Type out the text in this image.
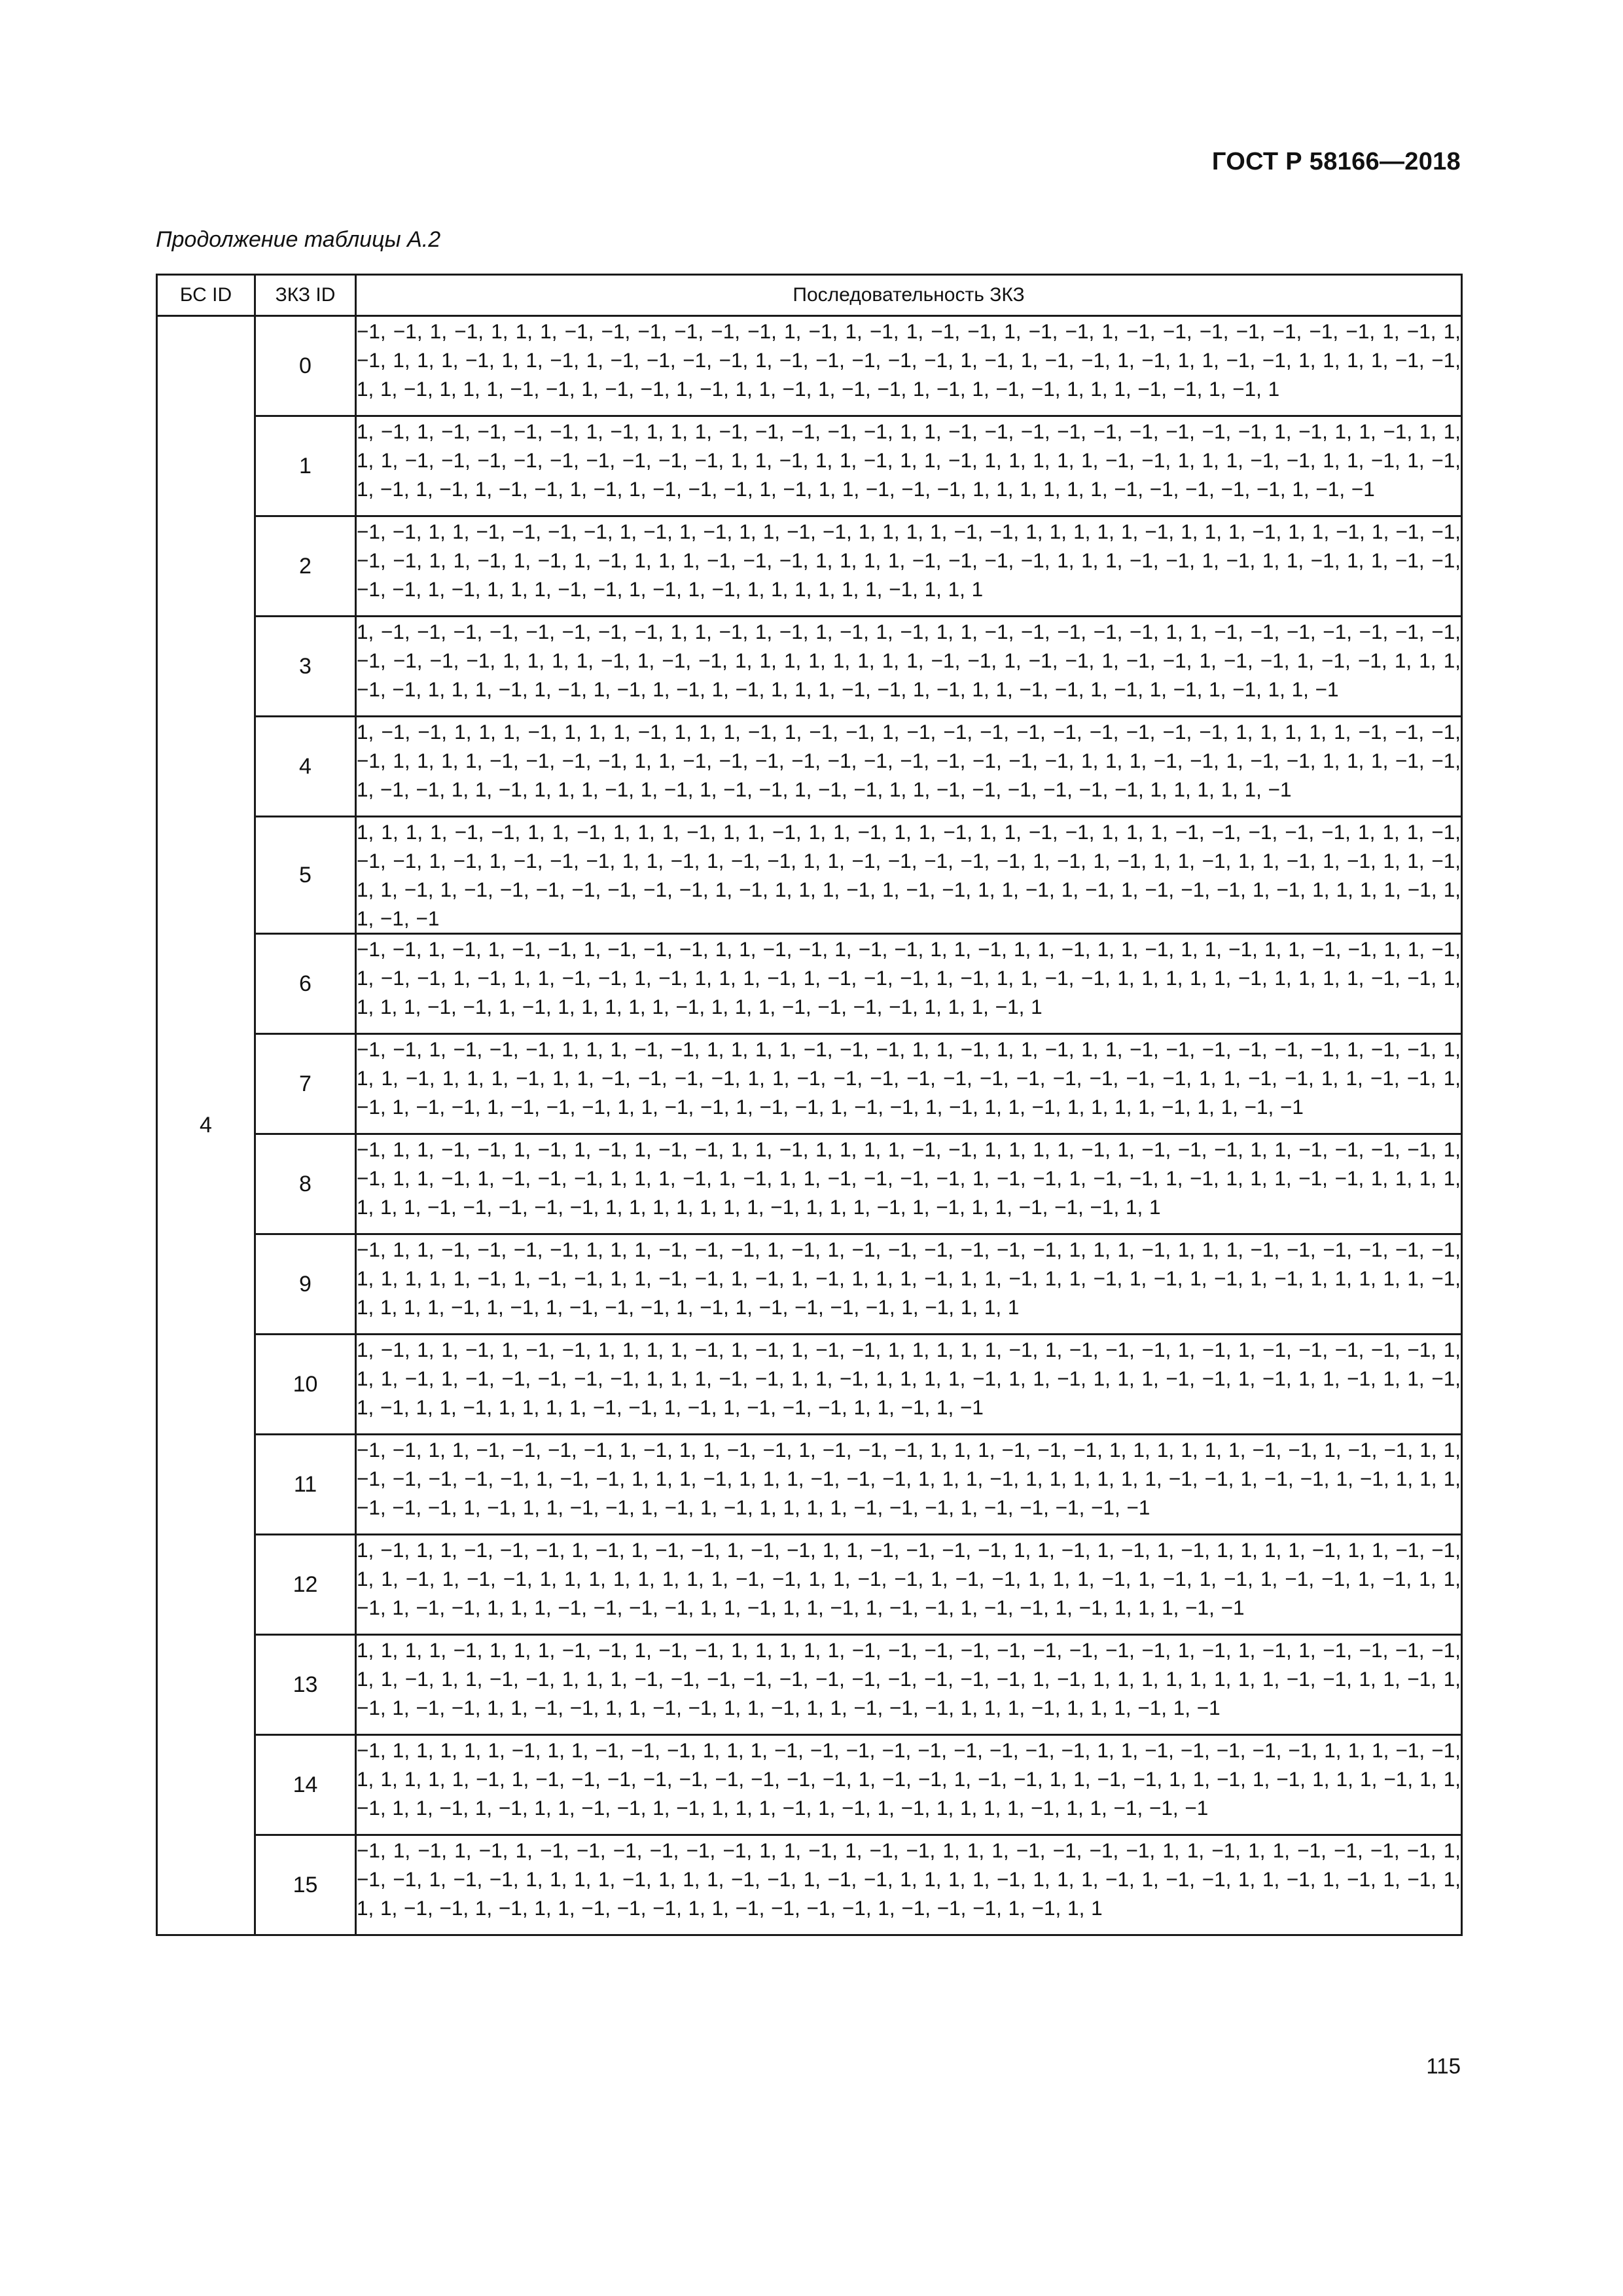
ГОСТ Р 58166—2018
Продолжение таблицы А.2
БС ID	ЗКЗ ID	Последовательность ЗКЗ
4	0	−1, −1, 1, −1, 1, 1, 1, −1, −1, −1, −1, −1, −1, 1, −1, 1, −1, 1, −1, −1, 1, −1, −1, 1, −1, −1, −1, −1, −1, −1, −1, 1, −1, 1, −1, 1, 1, 1, −1, 1, 1, −1, 1, −1, −1, −1, −1, 1, −1, −1, −1, −1, −1, 1, −1, 1, −1, −1, 1, −1, 1, 1, −1, −1, 1, 1, 1, 1, −1, −1, 1, 1, −1, 1, 1, 1, −1, −1, 1, −1, −1, 1, −1, 1, 1, −1, 1, −1, −1, 1, −1, 1, −1, −1, 1, 1, 1, −1, −1, 1, −1, 1
	1	1, −1, 1, −1, −1, −1, −1, 1, −1, 1, 1, 1, −1, −1, −1, −1, −1, 1, 1, −1, −1, −1, −1, −1, −1, −1, −1, −1, 1, −1, 1, 1, −1, 1, 1, 1, 1, −1, −1, −1, −1, −1, −1, −1, −1, −1, 1, 1, −1, 1, 1, −1, 1, 1, −1, 1, 1, 1, 1, 1, −1, −1, 1, 1, 1, −1, −1, 1, 1, −1, 1, −1, 1, −1, 1, −1, 1, −1, −1, 1, −1, 1, −1, −1, −1, 1, −1, 1, 1, −1, −1, −1, 1, 1, 1, 1, 1, 1, −1, −1, −1, −1, −1, 1, −1, −1
	2	−1, −1, 1, 1, −1, −1, −1, −1, 1, −1, 1, −1, 1, 1, −1, −1, 1, 1, 1, 1, −1, −1, 1, 1, 1, 1, 1, −1, 1, 1, 1, −1, 1, 1, −1, 1, −1, −1, −1, −1, 1, 1, −1, 1, −1, 1, −1, 1, 1, 1, −1, −1, −1, 1, 1, 1, 1, −1, −1, −1, −1, 1, 1, 1, −1, −1, 1, −1, 1, 1, −1, 1, 1, −1, −1, −1, −1, 1, −1, 1, 1, 1, −1, −1, 1, −1, 1, −1, 1, 1, 1, 1, 1, 1, −1, 1, 1, 1
	3	1, −1, −1, −1, −1, −1, −1, −1, −1, 1, 1, −1, 1, −1, 1, −1, 1, −1, 1, 1, −1, −1, −1, −1, −1, 1, 1, −1, −1, −1, −1, −1, −1, −1, −1, −1, −1, −1, 1, 1, 1, 1, −1, 1, −1, −1, 1, 1, 1, 1, 1, 1, 1, 1, −1, −1, 1, −1, −1, 1, −1, −1, 1, −1, −1, 1, −1, −1, 1, 1, 1, −1, −1, 1, 1, 1, −1, 1, −1, 1, −1, 1, −1, 1, −1, 1, 1, 1, −1, −1, 1, −1, 1, 1, −1, −1, 1, −1, 1, −1, 1, −1, 1, 1, −1
	4	1, −1, −1, 1, 1, 1, −1, 1, 1, 1, −1, 1, 1, 1, −1, 1, −1, −1, 1, −1, −1, −1, −1, −1, −1, −1, −1, −1, 1, 1, 1, 1, 1, −1, −1, −1, −1, 1, 1, 1, 1, −1, −1, −1, −1, 1, 1, −1, −1, −1, −1, −1, −1, −1, −1, −1, −1, −1, 1, 1, 1, −1, −1, 1, −1, −1, 1, 1, 1, −1, −1, 1, −1, −1, 1, 1, −1, 1, 1, 1, −1, 1, −1, 1, −1, −1, 1, −1, −1, 1, 1, −1, −1, −1, −1, −1, −1, 1, 1, 1, 1, 1, −1
	5	1, 1, 1, 1, −1, −1, 1, 1, −1, 1, 1, 1, −1, 1, 1, −1, 1, 1, −1, 1, 1, −1, 1, 1, −1, −1, 1, 1, 1, −1, −1, −1, −1, −1, 1, 1, 1, −1, −1, −1, 1, −1, 1, −1, −1, −1, 1, 1, −1, 1, −1, −1, 1, 1, −1, −1, −1, −1, −1, 1, −1, 1, −1, 1, 1, −1, 1, 1, −1, 1, −1, 1, 1, −1, 1, 1, −1, 1, −1, −1, −1, −1, −1, −1, −1, 1, −1, 1, 1, 1, −1, 1, −1, −1, 1, 1, −1, 1, −1, 1, −1, −1, −1, 1, −1, 1, 1, 1, 1, −1, 1, 1, −1, −1
	6	−1, −1, 1, −1, 1, −1, −1, 1, −1, −1, −1, 1, 1, −1, −1, 1, −1, −1, 1, 1, −1, 1, 1, −1, 1, 1, −1, 1, 1, −1, 1, 1, −1, −1, 1, 1, −1, 1, −1, −1, 1, −1, 1, 1, −1, −1, 1, −1, 1, 1, 1, −1, 1, −1, −1, −1, 1, −1, 1, 1, −1, −1, 1, 1, 1, 1, 1, −1, 1, 1, 1, 1, −1, −1, 1, 1, 1, 1, −1, −1, 1, −1, 1, 1, 1, 1, 1, −1, 1, 1, 1, −1, −1, −1, −1, 1, 1, 1, −1, 1
	7	−1, −1, 1, −1, −1, −1, 1, 1, 1, −1, −1, 1, 1, 1, 1, −1, −1, −1, 1, 1, −1, 1, 1, −1, 1, 1, −1, −1, −1, −1, −1, −1, 1, −1, −1, 1, 1, 1, −1, 1, 1, 1, −1, 1, 1, −1, −1, −1, −1, 1, 1, −1, −1, −1, −1, −1, −1, −1, −1, −1, −1, −1, 1, 1, −1, −1, 1, 1, −1, −1, 1, −1, 1, −1, −1, 1, −1, −1, −1, 1, 1, −1, −1, 1, −1, −1, 1, −1, −1, 1, −1, 1, 1, −1, 1, 1, 1, 1, −1, 1, 1, −1, −1
	8	−1, 1, 1, −1, −1, 1, −1, 1, −1, 1, −1, −1, 1, 1, −1, 1, 1, 1, 1, −1, −1, 1, 1, 1, 1, −1, 1, −1, −1, −1, 1, 1, −1, −1, −1, −1, 1, −1, 1, 1, −1, 1, −1, −1, −1, 1, 1, 1, −1, 1, −1, 1, 1, −1, −1, −1, −1, 1, −1, −1, 1, −1, −1, 1, −1, 1, 1, 1, −1, −1, 1, 1, 1, 1, 1, 1, 1, −1, −1, −1, −1, −1, 1, 1, 1, 1, 1, 1, 1, −1, 1, 1, 1, −1, 1, −1, 1, 1, −1, −1, −1, 1, 1
	9	−1, 1, 1, −1, −1, −1, −1, 1, 1, 1, −1, −1, −1, 1, −1, 1, −1, −1, −1, −1, −1, −1, 1, 1, 1, −1, 1, 1, 1, −1, −1, −1, −1, −1, −1, 1, 1, 1, 1, 1, −1, 1, −1, −1, 1, 1, −1, −1, 1, −1, 1, −1, 1, 1, 1, −1, 1, 1, −1, 1, 1, −1, 1, −1, 1, −1, 1, −1, 1, 1, 1, 1, 1, −1, 1, 1, 1, 1, −1, 1, −1, 1, −1, −1, −1, 1, −1, 1, −1, −1, −1, −1, 1, −1, 1, 1, 1
	10	1, −1, 1, 1, −1, 1, −1, −1, 1, 1, 1, 1, −1, 1, −1, 1, −1, −1, 1, 1, 1, 1, 1, −1, 1, −1, −1, −1, 1, −1, 1, −1, −1, −1, −1, −1, 1, 1, 1, −1, 1, −1, −1, −1, −1, −1, 1, 1, 1, −1, −1, 1, 1, −1, 1, 1, 1, 1, −1, 1, 1, −1, 1, 1, 1, −1, −1, 1, −1, 1, 1, −1, 1, 1, −1, 1, −1, 1, 1, −1, 1, 1, 1, 1, −1, −1, 1, −1, 1, −1, −1, −1, 1, 1, −1, 1, −1
	11	−1, −1, 1, 1, −1, −1, −1, −1, 1, −1, 1, 1, −1, −1, 1, −1, −1, −1, 1, 1, 1, −1, −1, −1, 1, 1, 1, 1, 1, 1, −1, −1, 1, −1, −1, 1, 1, −1, −1, −1, −1, −1, 1, −1, −1, 1, 1, 1, −1, 1, 1, 1, −1, −1, −1, 1, 1, 1, −1, 1, 1, 1, 1, 1, 1, −1, −1, 1, −1, −1, 1, −1, 1, 1, 1, −1, −1, −1, 1, −1, 1, 1, −1, −1, 1, −1, 1, −1, 1, 1, 1, 1, −1, −1, −1, 1, −1, −1, −1, −1, −1
	12	1, −1, 1, 1, −1, −1, −1, 1, −1, 1, −1, −1, 1, −1, −1, 1, 1, −1, −1, −1, −1, 1, 1, −1, 1, −1, 1, −1, 1, 1, 1, 1, −1, 1, 1, −1, −1, 1, 1, −1, 1, −1, −1, 1, 1, 1, 1, 1, 1, 1, 1, −1, −1, 1, 1, −1, −1, 1, −1, −1, 1, 1, 1, −1, 1, −1, 1, −1, 1, −1, −1, 1, −1, 1, 1, −1, 1, −1, −1, 1, 1, 1, −1, −1, −1, −1, 1, 1, −1, 1, 1, −1, 1, −1, −1, 1, −1, −1, 1, −1, 1, 1, 1, −1, −1
	13	1, 1, 1, 1, −1, 1, 1, 1, −1, −1, 1, −1, −1, 1, 1, 1, 1, 1, −1, −1, −1, −1, −1, −1, −1, −1, −1, 1, −1, 1, −1, 1, −1, −1, −1, −1, 1, 1, −1, 1, 1, −1, −1, 1, 1, 1, −1, −1, −1, −1, −1, −1, −1, −1, −1, −1, −1, 1, −1, 1, 1, 1, 1, 1, 1, 1, 1, −1, −1, 1, 1, −1, 1, −1, 1, −1, −1, 1, 1, −1, −1, 1, 1, −1, −1, 1, 1, −1, 1, 1, −1, −1, −1, 1, 1, 1, −1, 1, 1, 1, −1, 1, −1
	14	−1, 1, 1, 1, 1, 1, −1, 1, 1, −1, −1, −1, 1, 1, 1, −1, −1, −1, −1, −1, −1, −1, −1, −1, 1, 1, −1, −1, −1, −1, −1, 1, 1, 1, −1, −1, 1, 1, 1, 1, 1, −1, 1, −1, −1, −1, −1, −1, −1, −1, −1, −1, 1, −1, −1, 1, −1, −1, 1, 1, −1, −1, 1, 1, −1, 1, −1, 1, 1, 1, −1, 1, 1, −1, 1, 1, −1, 1, −1, 1, 1, −1, −1, 1, −1, 1, 1, 1, −1, 1, −1, 1, −1, 1, 1, 1, 1, −1, 1, 1, −1, −1, −1
	15	−1, 1, −1, 1, −1, 1, −1, −1, −1, −1, −1, −1, 1, 1, −1, 1, −1, −1, 1, 1, 1, −1, −1, −1, −1, 1, 1, −1, 1, 1, −1, −1, −1, −1, 1, −1, −1, 1, −1, −1, 1, 1, 1, 1, −1, 1, 1, 1, −1, −1, 1, −1, −1, 1, 1, 1, 1, −1, 1, 1, 1, −1, 1, −1, −1, 1, 1, −1, 1, −1, 1, −1, 1, 1, 1, −1, −1, 1, −1, 1, 1, −1, −1, −1, 1, 1, −1, −1, −1, −1, 1, −1, −1, −1, 1, −1, 1, 1
115
